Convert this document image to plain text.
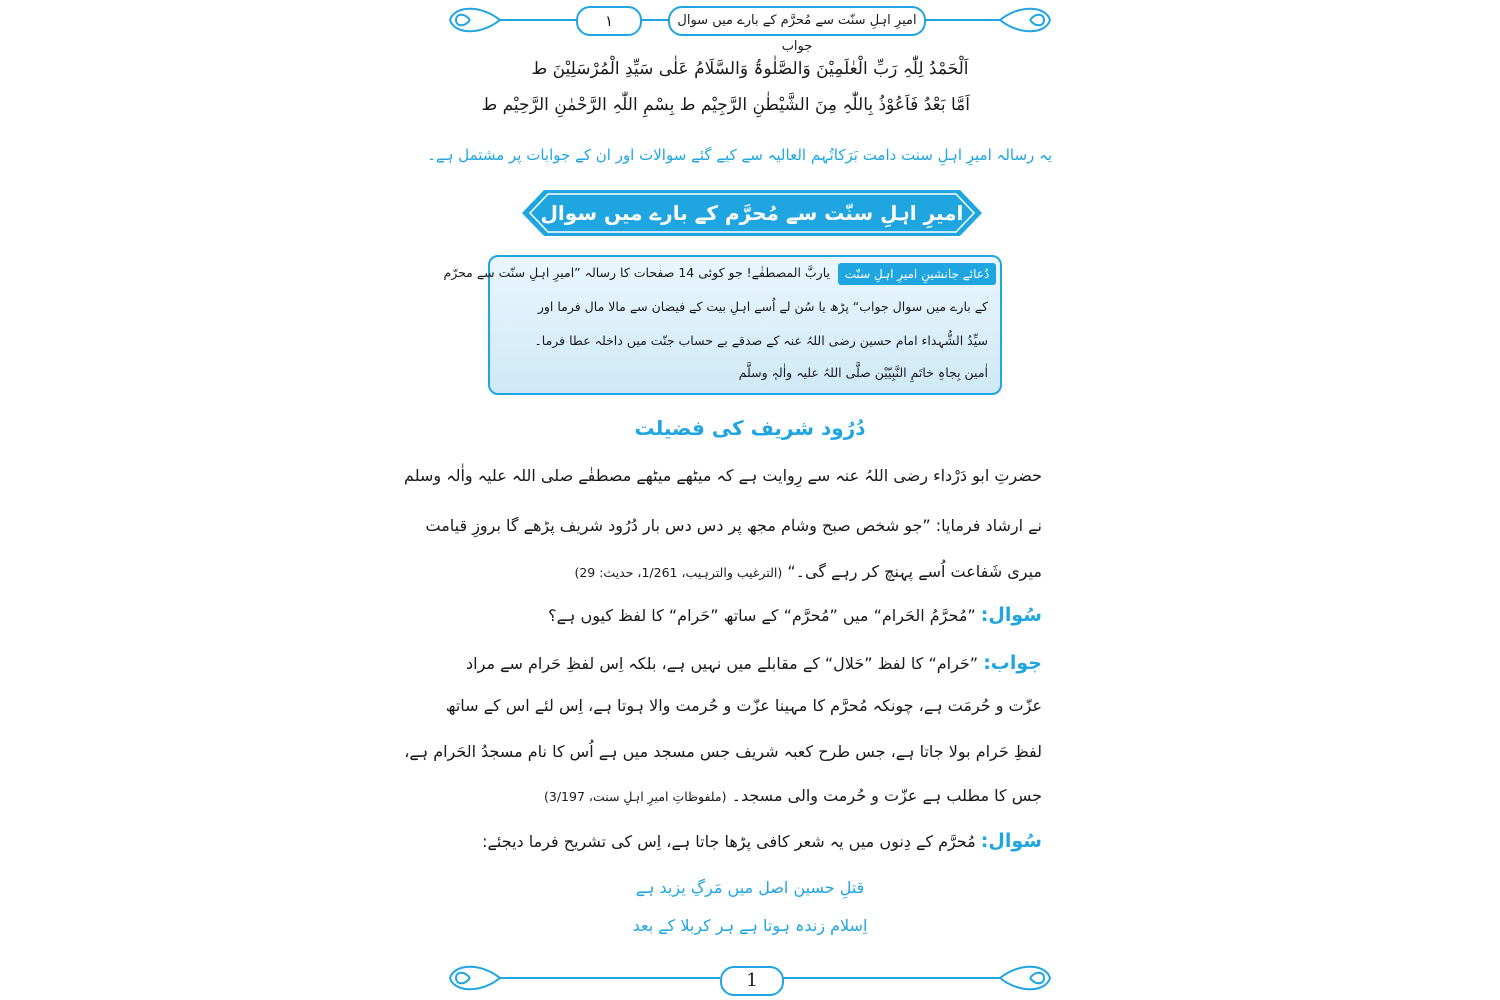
امیرِ اہلِ سنّت سے مُحرَّم کے بارے میں سوال جواب
۱
اَلْحَمْدُ لِلّٰہِ رَبِّ الْعٰلَمِیْنَ وَالصَّلٰوۃُ وَالسَّلَامُ عَلٰی سَیِّدِ الْمُرْسَلِیْنَ ط
اَمَّا بَعْدُ فَاَعُوْذُ بِاللّٰہِ مِنَ الشَّیْطٰنِ الرَّجِیْم ط بِسْمِ اللّٰہِ الرَّحْمٰنِ الرَّحِیْم ط
یہ رسالہ امیرِ اہلِ سنت دامت بَرَکاتُہم العالیہ سے کیے گئے سوالات اور ان کے جوابات پر مشتمل ہے۔
امیرِ اہلِ سنّت سے مُحرَّم کے بارے میں سوال
دُعائے جانشینِ امیرِ اہلِ سنّت
یاربَّ المصطفٰے! جو کوئی 14 صفحات کا رسالہ ”امیرِ اہلِ سنّت سے محرّم
کے بارے میں سوال جواب“ پڑھ یا سُن لے اُسے اہلِ بیت کے فیضان سے مالا مال فرما اور
سیِّدُ الشُّہداء امام حسین رضی اللہُ عنہ کے صدقے بے حساب جنّت میں داخلہ عطا فرما۔
اٰمین بِجاہِ خاتَمِ النَّبِیّیْن صلَّی اللہُ علیہ واٰلہٖ وسلَّم
دُرُود شریف کی فضیلت
حضرتِ ابو دَرْداء رضی اللہُ عنہ سے رِوایت ہے کہ میٹھے میٹھے مصطفٰے صلی اللہ علیہ واٰلہ وسلم
نے ارشاد فرمایا: ”جو شخص صبح وشام مجھ پر دس دس بار دُرُود شریف پڑھے گا بروزِ قیامت
میری شَفاعت اُسے پہنچ کر رہے گی۔“ (الترغیب والترہیب، 1/261، حدیث: 29)
سُوال: ”مُحرَّمُ الحَرام“ میں ”مُحرَّم“ کے ساتھ ”حَرام“ کا لفظ کیوں ہے؟
جواب: ”حَرام“ کا لفظ ”حَلال“ کے مقابلے میں نہیں ہے، بلکہ اِس لفظِ حَرام سے مراد
عزّت و حُرمَت ہے، چونکہ مُحرَّم کا مہینا عزّت و حُرمت والا ہوتا ہے، اِس لئے اس کے ساتھ
لفظِ حَرام بولا جاتا ہے، جس طرح کعبہ شریف جس مسجد میں ہے اُس کا نام مسجدُ الحَرام ہے،
جس کا مطلب ہے عزّت و حُرمت والی مسجد۔ (ملفوظاتِ امیرِ اہلِ سنت، 3/197)
سُوال: مُحرَّم کے دِنوں میں یہ شعر کافی پڑھا جاتا ہے، اِس کی تشریح فرما دیجئے:
قتلِ حسین اصل میں مَرگِ یزید ہے
اِسلام زندہ ہوتا ہے ہر کربلا کے بعد
1
